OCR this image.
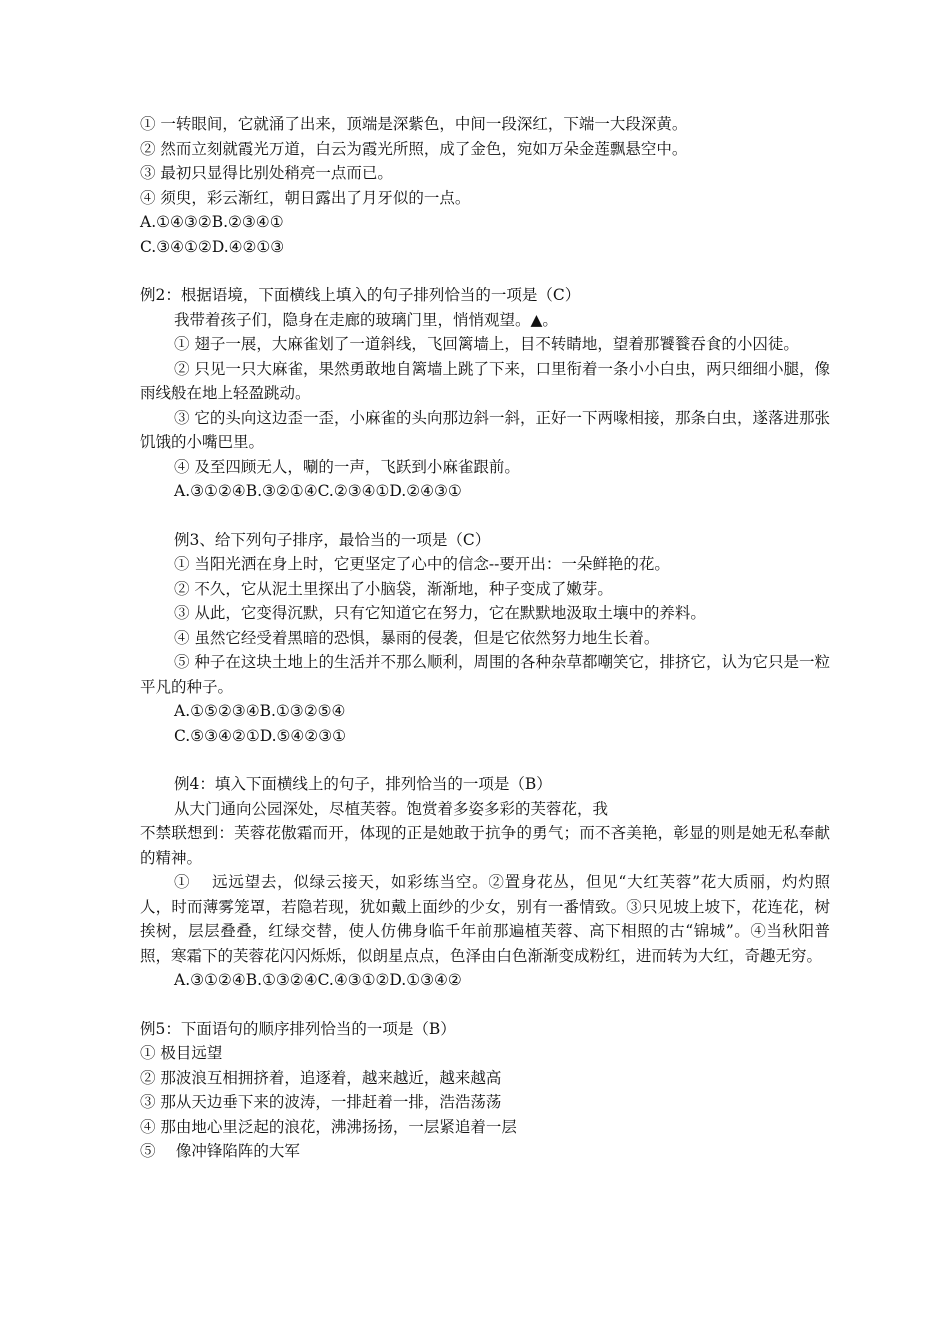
① 一转眼间，它就涌了出来，顶端是深紫色，中间一段深红，下端一大段深黄。
② 然而立刻就霞光万道，白云为霞光所照，成了金色，宛如万朵金莲飘悬空中。
③ 最初只显得比别处稍亮一点而已。
④ 须臾，彩云渐红，朝日露出了月牙似的一点。
A.①④③②B.②③④①
C.③④①②D.④②①③
例2：根据语境，下面横线上填入的句子排列恰当的一项是（C）
我带着孩子们，隐身在走廊的玻璃门里，悄悄观望。▲。
① 翅子一展，大麻雀划了一道斜线，飞回篱墙上，目不转睛地，望着那饕餮吞食的小囚徒。
② 只见一只大麻雀，果然勇敢地自篱墙上跳了下来，口里衔着一条小小白虫，两只细细小腿，像雨线般在地上轻盈跳动。
③ 它的头向这边歪一歪，小麻雀的头向那边斜一斜，正好一下两喙相接，那条白虫，遂落进那张饥饿的小嘴巴里。
④ 及至四顾无人，唰的一声，飞跃到小麻雀跟前。
A.③①②④B.③②①④C.②③④①D.②④③①
例3、给下列句子排序，最恰当的一项是（C）
① 当阳光洒在身上时，它更坚定了心中的信念--要开出：一朵鲜艳的花。
② 不久，它从泥土里探出了小脑袋，渐渐地，种子变成了嫩芽。
③ 从此，它变得沉默，只有它知道它在努力，它在默默地汲取土壤中的养料。
④ 虽然它经受着黑暗的恐惧，暴雨的侵袭，但是它依然努力地生长着。
⑤ 种子在这块土地上的生活并不那么顺利，周围的各种杂草都嘲笑它，排挤它，认为它只是一粒平凡的种子。
A.①⑤②③④B.①③②⑤④
C.⑤③④②①D.⑤④②③①
例4：填入下面横线上的句子，排列恰当的一项是（B）
从大门通向公园深处，尽植芙蓉。饱赏着多姿多彩的芙蓉花，我
不禁联想到：芙蓉花傲霜而开，体现的正是她敢于抗争的勇气；而不吝美艳，彰显的则是她无私奉献的精神。
① 　远远望去，似绿云接天，如彩练当空。②置身花丛，但见“大红芙蓉”花大质丽，灼灼照人，时而薄雾笼罩，若隐若现，犹如戴上面纱的少女，别有一番情致。③只见坡上坡下，花连花，树挨树，层层叠叠，红绿交替，使人仿佛身临千年前那遍植芙蓉、高下相照的古“锦城”。④当秋阳普照，寒霜下的芙蓉花闪闪烁烁，似朗星点点，色泽由白色渐渐变成粉红，进而转为大红，奇趣无穷。
A.③①②④B.①③②④C.④③①②D.①③④②
例5：下面语句的顺序排列恰当的一项是（B）
① 极目远望
② 那波浪互相拥挤着，追逐着，越来越近，越来越高
③ 那从天边垂下来的波涛，一排赶着一排，浩浩荡荡
④ 那由地心里泛起的浪花，沸沸扬扬，一层紧追着一层
⑤ 　像冲锋陷阵的大军
